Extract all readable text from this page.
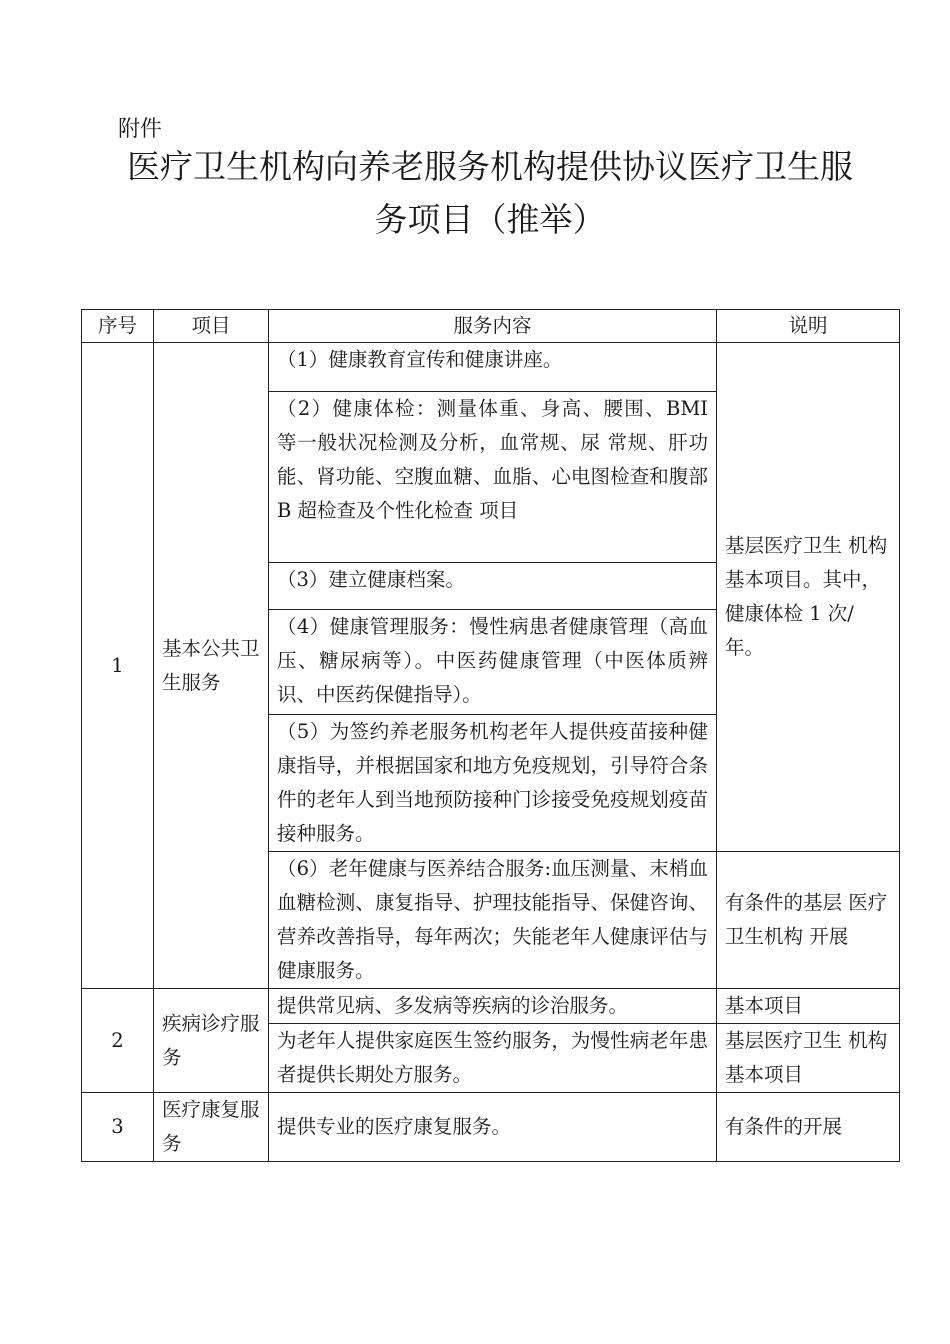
附件
医疗卫生机构向养老服务机构提供协议医疗卫生服
务项目（推举）
序号	项目	服务内容	说明
1	基本公共卫生服务	（1）健康教育宣传和健康讲座。	基层医疗卫生 机构基本项目。其中，健康体检 1 次/年。
		（2）健康体检：测量体重、身高、腰围、BMI 等一般状况检测及分析，血常规、尿 常规、肝功能、肾功能、空腹血糖、血脂、心电图检查和腹部 B 超检查及个性化检查 项目	
		（3）建立健康档案。	
		（4）健康管理服务：慢性病患者健康管理（高血压、糖尿病等）。中医药健康管理（中医体质辨识、中医药保健指导）。	
		（5）为签约养老服务机构老年人提供疫苗接种健康指导，并根据国家和地方免疫规划，引导符合条件的老年人到当地预防接种门诊接受免疫规划疫苗接种服务。	
		（6）老年健康与医养结合服务:血压测量、末梢血血糖检测、康复指导、护理技能指导、保健咨询、营养改善指导，每年两次；失能老年人健康评估与健康服务。	有条件的基层 医疗卫生机构 开展
2	疾病诊疗服务	提供常见病、多发病等疾病的诊治服务。	基本项目
		为老年人提供家庭医生签约服务，为慢性病老年患者提供长期处方服务。	基层医疗卫生 机构基本项目
3	医疗康复服务	提供专业的医疗康复服务。	有条件的开展
